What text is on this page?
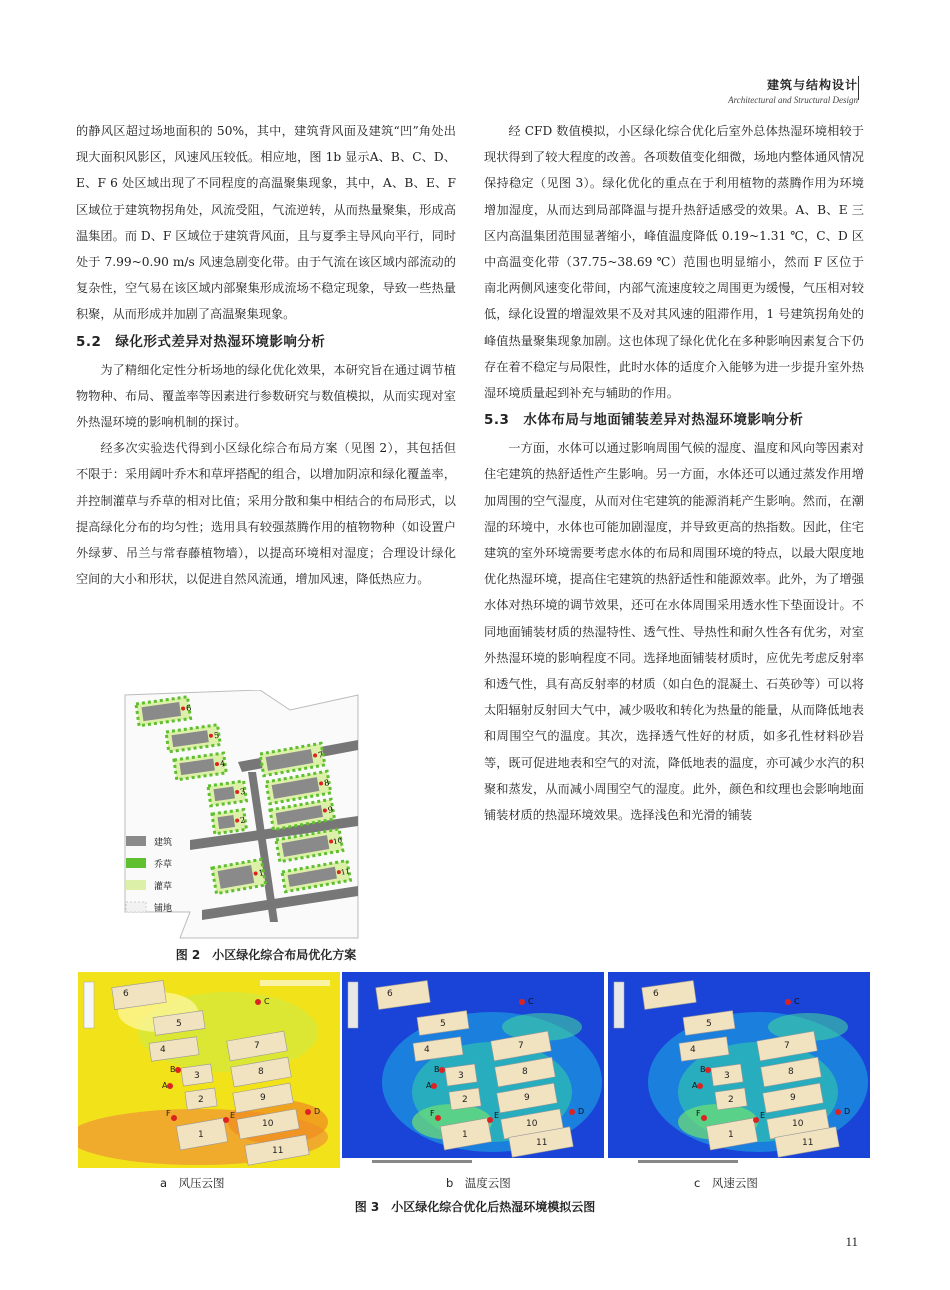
建筑与结构设计
Architectural and Structural Design

的静风区超过场地面积的 50%，其中，建筑背风面及建筑“凹”角处出现大面积风影区，风速风压较低。相应地，图 1b 显示A、B、C、D、E、F 6 处区域出现了不同程度的高温聚集现象，其中，A、B、E、F 区域位于建筑物拐角处，风流受阻，气流逆转，从而热量聚集，形成高温集团。而 D、F 区域位于建筑背风面，且与夏季主导风向平行，同时处于 7.99~0.90 m/s 风速急剧变化带。由于气流在该区域内部流动的复杂性，空气易在该区域内部聚集形成流场不稳定现象，导致一些热量积聚，从而形成并加剧了高温聚集现象。

5.2　绿化形式差异对热湿环境影响分析

为了精细化定性分析场地的绿化优化效果，本研究旨在通过调节植物物种、布局、覆盖率等因素进行参数研究与数值模拟，从而实现对室外热湿环境的影响机制的探讨。

经多次实验迭代得到小区绿化综合布局方案（见图 2），其包括但不限于：采用阔叶乔木和草坪搭配的组合，以增加阴凉和绿化覆盖率，并控制灌草与乔草的相对比值；采用分散和集中相结合的布局形式，以提高绿化分布的均匀性；选用具有较强蒸腾作用的植物物种（如设置户外绿萝、吊兰与常春藤植物墙），以提高环境相对湿度；合理设计绿化空间的大小和形状，以促进自然风流通，增加风速，降低热应力。

经 CFD 数值模拟，小区绿化综合优化后室外总体热湿环境相较于现状得到了较大程度的改善。各项数值变化细微，场地内整体通风情况保持稳定（见图 3）。绿化优化的重点在于利用植物的蒸腾作用为环境增加湿度，从而达到局部降温与提升热舒适感受的效果。A、B、E 三区内高温集团范围显著缩小，峰值温度降低 0.19~1.31 ℃，C、D 区中高温变化带（37.75~38.69 ℃）范围也明显缩小，然而 F 区位于南北两侧风速变化带间，内部气流速度较之周围更为缓慢，气压相对较低，绿化设置的增湿效果不及对其风速的阻滞作用，1 号建筑拐角处的峰值热量聚集现象加剧。这也体现了绿化优化在多种影响因素复合下仍存在着不稳定与局限性，此时水体的适度介入能够为进一步提升室外热湿环境质量起到补充与辅助的作用。

5.3　水体布局与地面铺装差异对热湿环境影响分析

一方面，水体可以通过影响周围气候的湿度、温度和风向等因素对住宅建筑的热舒适性产生影响。另一方面，水体还可以通过蒸发作用增加周围的空气湿度，从而对住宅建筑的能源消耗产生影响。然而，在潮湿的环境中，水体也可能加剧湿度，并导致更高的热指数。因此，住宅建筑的室外环境需要考虑水体的布局和周围环境的特点，以最大限度地优化热湿环境，提高住宅建筑的热舒适性和能源效率。此外，为了增强水体对热环境的调节效果，还可在水体周围采用透水性下垫面设计。不同地面铺装材质的热湿特性、透气性、导热性和耐久性各有优劣，对室外热湿环境的影响程度不同。选择地面铺装材质时，应优先考虑反射率和透气性，具有高反射率的材质（如白色的混凝土、石英砂等）可以将太阳辐射反射回大气中，减少吸收和转化为热量的能量，从而降低地表和周围空气的温度。其次，选择透气性好的材质，如多孔性材料砂岩等，既可促进地表和空气的对流，降低地表的温度，亦可减少水汽的积聚和蒸发，从而减小周围空气的湿度。此外，颜色和纹理也会影响地面铺装材质的热湿环境效果。选择浅色和光滑的铺装

6
5
4
3
2
7
8
9
10
1	11
建筑
乔草
灌草
铺地
图 2　小区绿化综合布局优化方案
6
5
4
3
2
7
8
9
10
1
11
A
B
C
D
E
F
6
5
4
3
2
7
8
9
10
1
11
A
B
C
D
E
F
6
5
4
3
2
7
8
9
10
1
11
A
B
C
D
E
F
a　风压云图	b　温度云图	c　风速云图
图 3　小区绿化综合优化后热湿环境模拟云图
11
